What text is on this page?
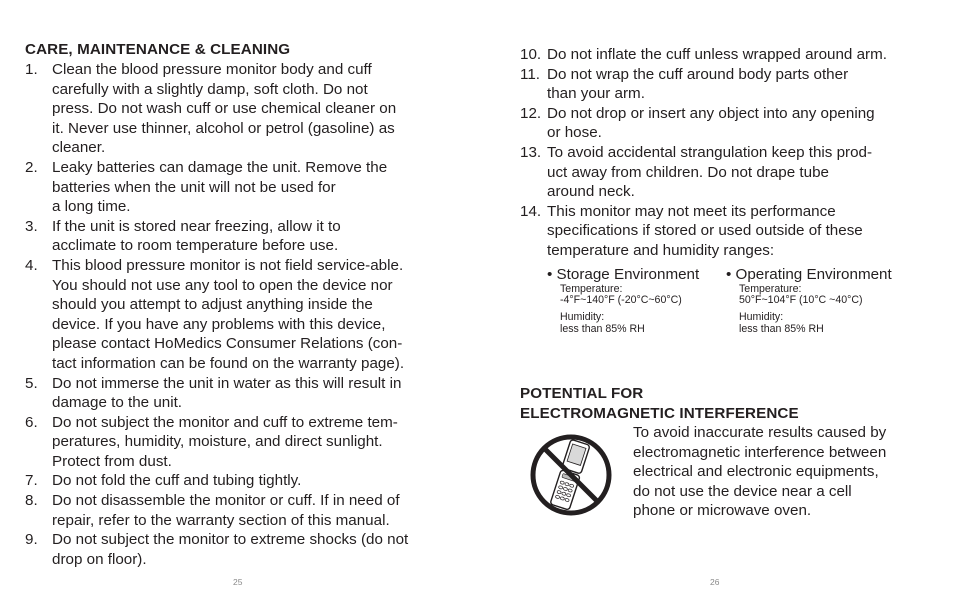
CARE, MAINTENANCE & CLEANING
1. Clean the blood pressure monitor body and cuff
carefully with a slightly damp, soft cloth. Do not
press. Do not wash cuff or use chemical cleaner on
it. Never use thinner, alcohol or petrol (gasoline) as
cleaner.
2. Leaky batteries can damage the unit. Remove the
batteries when the unit will not be used for
a long time.
3. If the unit is stored near freezing, allow it to
acclimate to room temperature before use.
4. This blood pressure monitor is not field service-able.
You should not use any tool to open the device nor
should you attempt to adjust anything inside the
device. If you have any problems with this device,
please contact HoMedics Consumer Relations (con-
tact information can be found on the warranty page).
5. Do not immerse the unit in water as this will result in
damage to the unit.
6. Do not subject the monitor and cuff to extreme tem-
peratures, humidity, moisture, and direct sunlight.
Protect from dust.
7. Do not fold the cuff and tubing tightly.
8. Do not disassemble the monitor or cuff. If in need of
repair, refer to the warranty section of this manual.
9. Do not subject the monitor to extreme shocks (do not
drop on floor).
25
10. Do not inflate the cuff unless wrapped around arm.
11. Do not wrap the cuff around body parts other
than your arm.
12. Do not drop or insert any object into any opening
or hose.
13. To avoid accidental strangulation keep this prod-
uct away from children. Do not drape tube
around neck.
14. This monitor may not meet its performance
specifications if stored or used outside of these
temperature and humidity ranges:
• Storage Environment
Temperature:
-4°F~140°F (-20°C~60°C)
Humidity:
less than 85% RH
• Operating Environment
Temperature:
50°F~104°F (10°C ~40°C)
Humidity:
less than 85% RH
POTENTIAL FOR
ELECTROMAGNETIC INTERFERENCE
To avoid inaccurate results caused by
electromagnetic interference between
electrical and electronic equipments,
do not use the device near a cell
phone or microwave oven.
26
